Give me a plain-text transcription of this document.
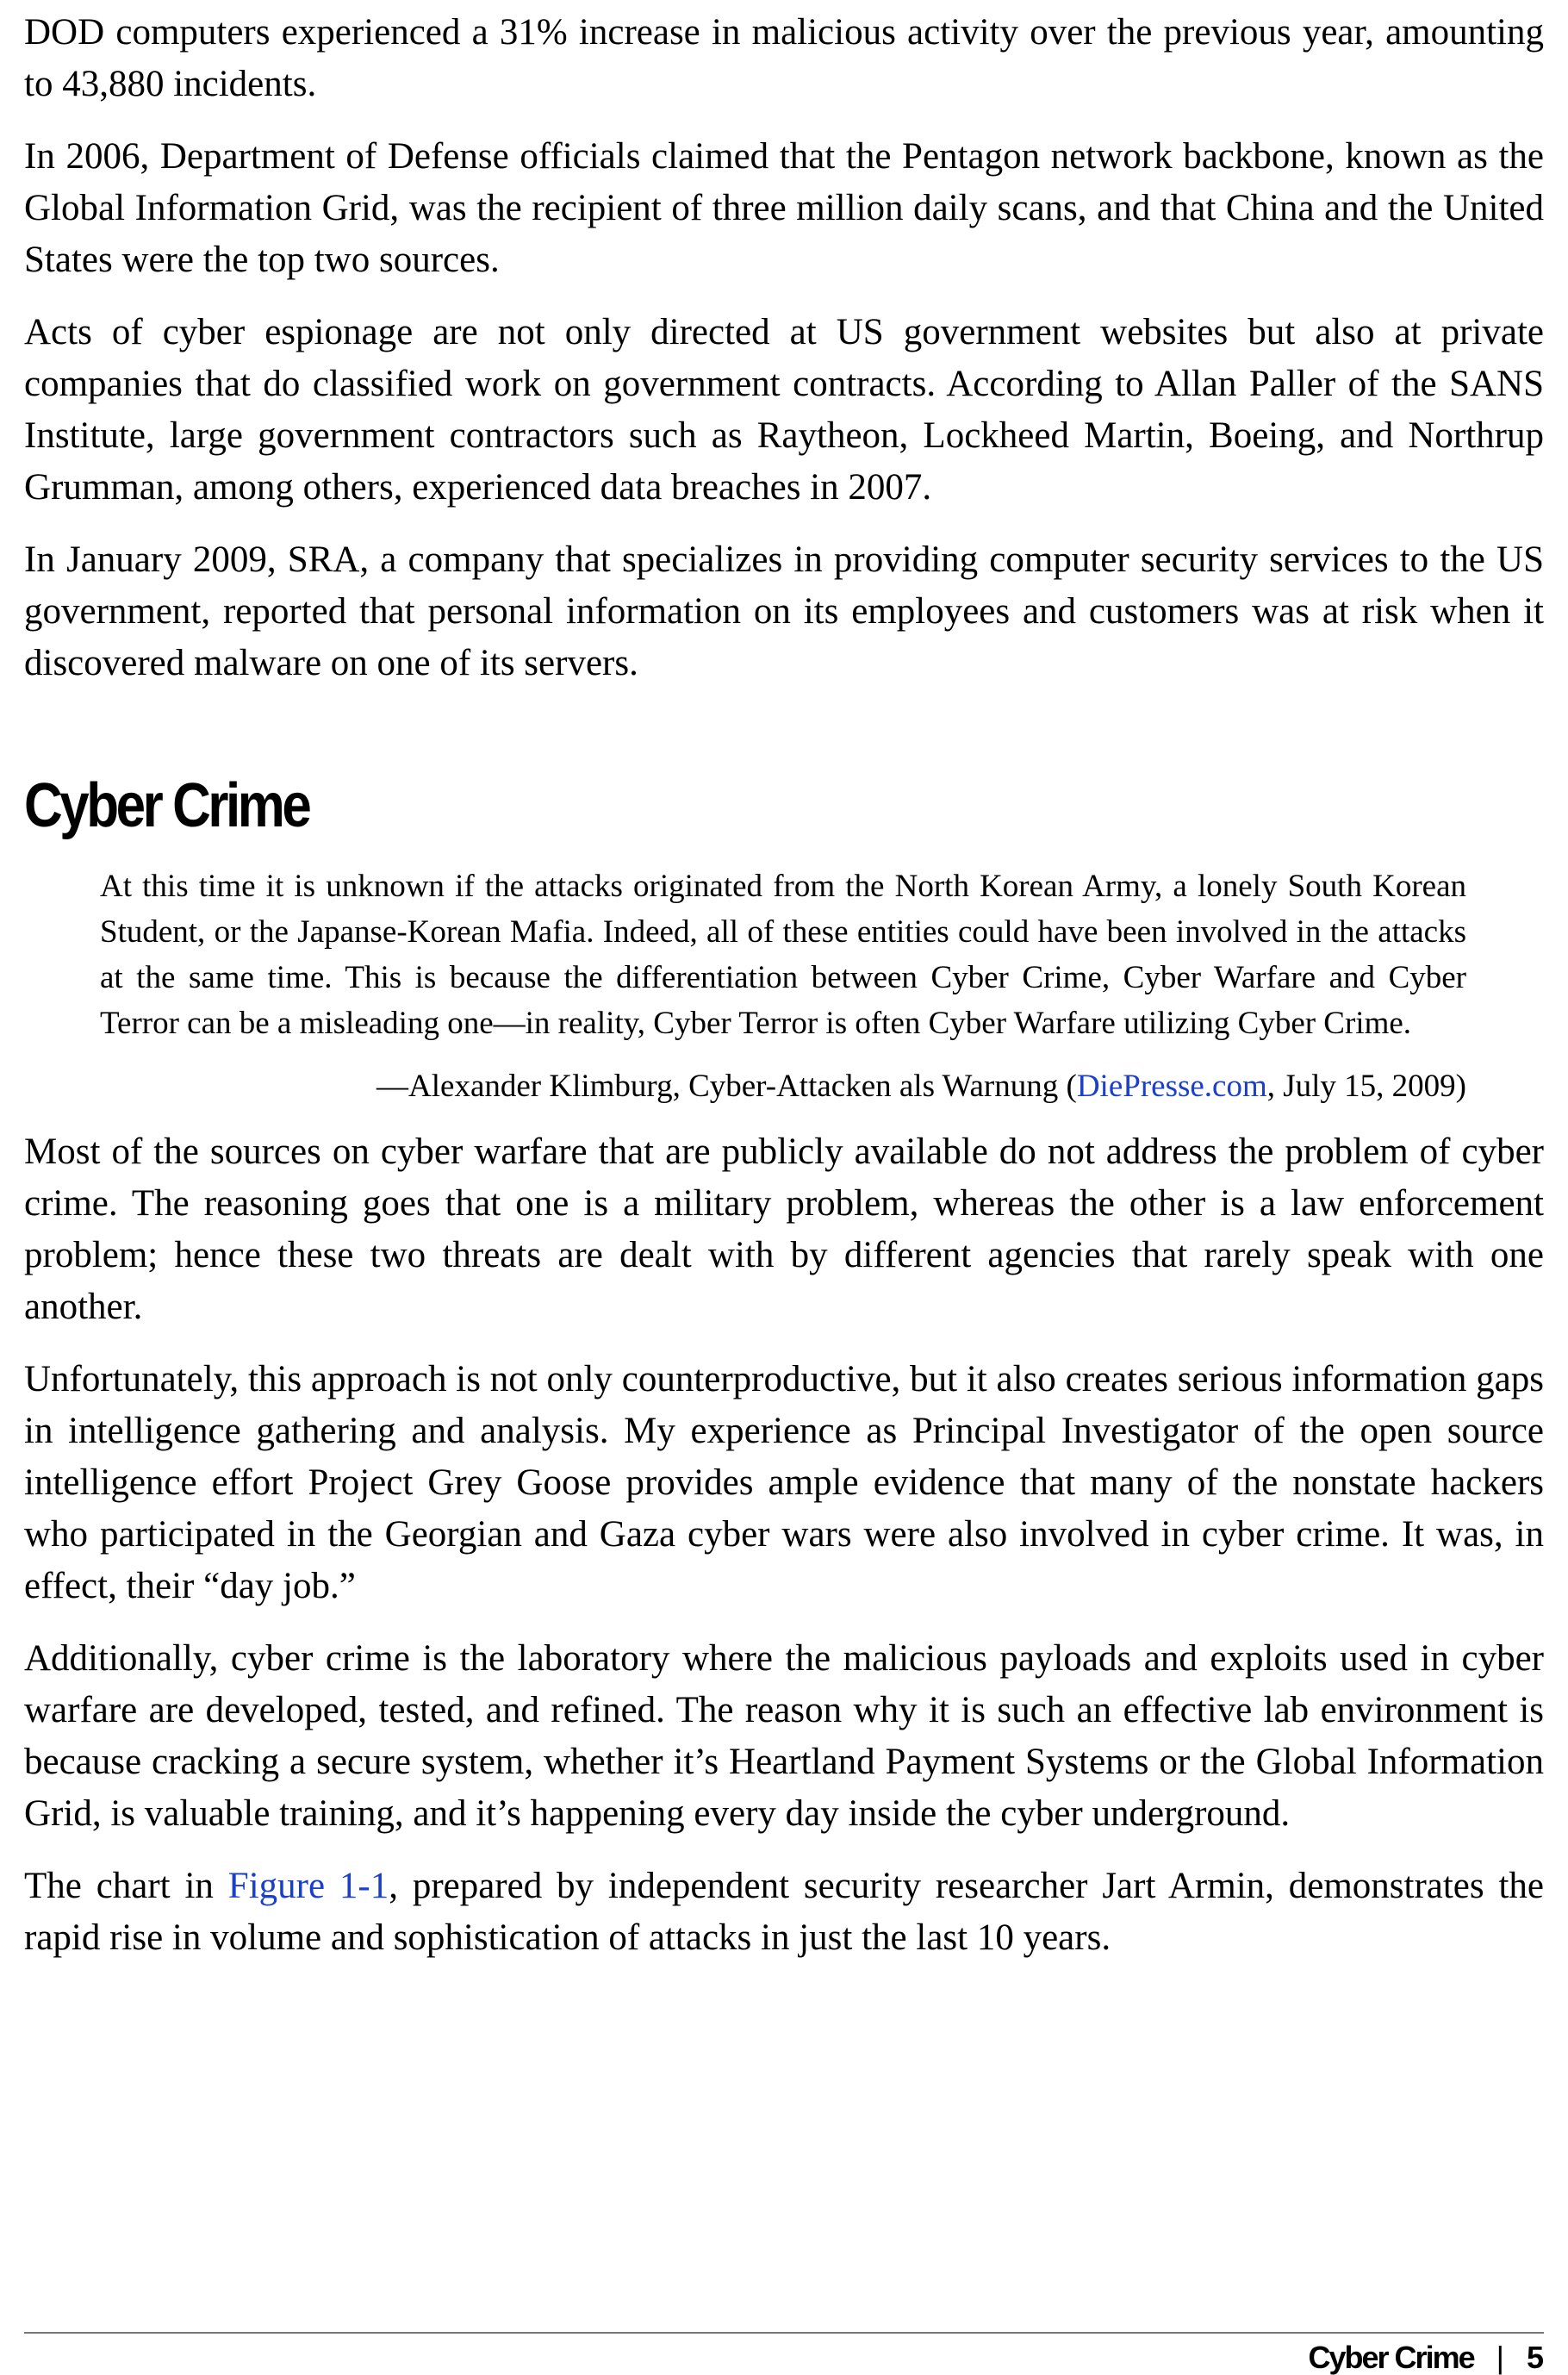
DOD computers experienced a 31% increase in malicious activity over the previous year, amounting to 43,880 incidents.

In 2006, Department of Defense officials claimed that the Pentagon network backbone, known as the Global Information Grid, was the recipient of three million daily scans, and that China and the United States were the top two sources.

Acts of cyber espionage are not only directed at US government websites but also at private companies that do classified work on government contracts. According to Allan Paller of the SANS Institute, large government contractors such as Raytheon, Lockheed Martin, Boeing, and Northrup Grumman, among others, experienced data breaches in 2007.

In January 2009, SRA, a company that specializes in providing computer security services to the US government, reported that personal information on its employees and customers was at risk when it discovered malware on one of its servers.

Cyber Crime

At this time it is unknown if the attacks originated from the North Korean Army, a lonely South Korean Student, or the Japanse-Korean Mafia. Indeed, all of these entities could have been involved in the attacks at the same time. This is because the differentiation between Cyber Crime, Cyber Warfare and Cyber Terror can be a misleading one—in reality, Cyber Terror is often Cyber Warfare utilizing Cyber Crime.

—Alexander Klimburg, Cyber-Attacken als Warnung (DiePresse.com, July 15, 2009)

Most of the sources on cyber warfare that are publicly available do not address the problem of cyber crime. The reasoning goes that one is a military problem, whereas the other is a law enforcement problem; hence these two threats are dealt with by different agencies that rarely speak with one another.

Unfortunately, this approach is not only counterproductive, but it also creates serious information gaps in intelligence gathering and analysis. My experience as Principal Investigator of the open source intelligence effort Project Grey Goose provides ample evidence that many of the nonstate hackers who participated in the Georgian and Gaza cyber wars were also involved in cyber crime. It was, in effect, their “day job.”

Additionally, cyber crime is the laboratory where the malicious payloads and exploits used in cyber warfare are developed, tested, and refined. The reason why it is such an effective lab environment is because cracking a secure system, whether it’s Heartland Payment Systems or the Global Information Grid, is valuable training, and it’s happening every day inside the cyber underground.

The chart in Figure 1-1, prepared by independent security researcher Jart Armin, demonstrates the rapid rise in volume and sophistication of attacks in just the last 10 years.

Cyber Crime | 5
